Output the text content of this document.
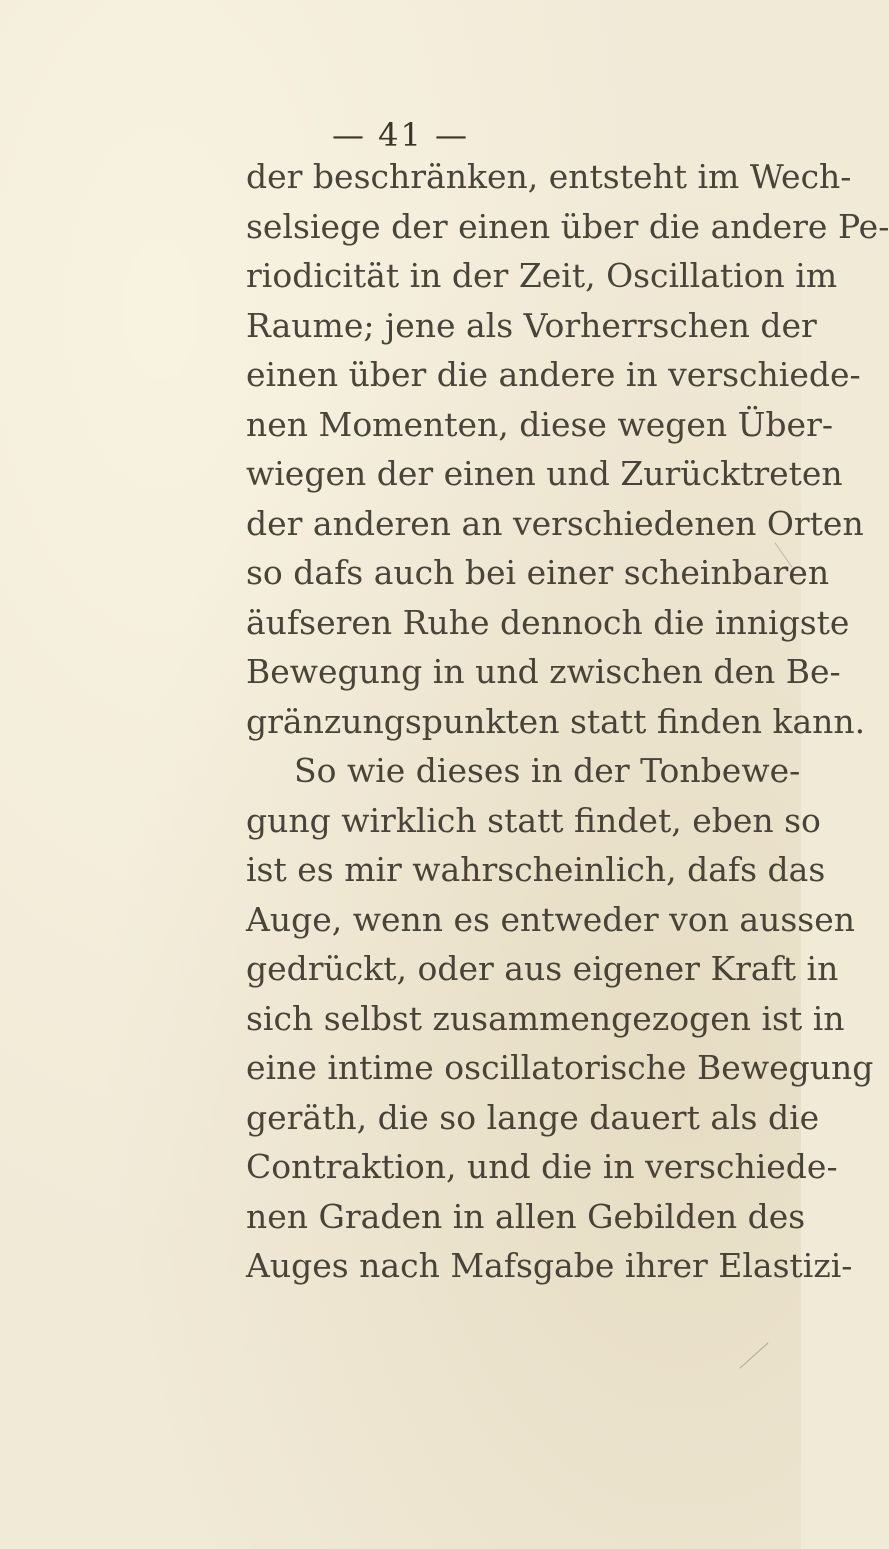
— 41 —
der beschränken, entsteht im Wech-
selsiege der einen über die andere Pe-
riodicität in der Zeit, Oscillation im
Raume; jene als Vorherrschen der
einen über die andere in verschiede-
nen Momenten, diese wegen Über-
wiegen der einen und Zurücktreten
der anderen an verschiedenen Orten
so dafs auch bei einer scheinbaren
äufseren Ruhe dennoch die innigste
Bewegung in und zwischen den Be-
gränzungspunkten statt finden kann.
So wie dieses in der Tonbewe-
gung wirklich statt findet, eben so
ist es mir wahrscheinlich, dafs das
Auge, wenn es entweder von aussen
gedrückt, oder aus eigener Kraft in
sich selbst zusammengezogen ist in
eine intime oscillatorische Bewegung
geräth, die so lange dauert als die
Contraktion, und die in verschiede-
nen Graden in allen Gebilden des
Auges nach Mafsgabe ihrer Elastizi-
